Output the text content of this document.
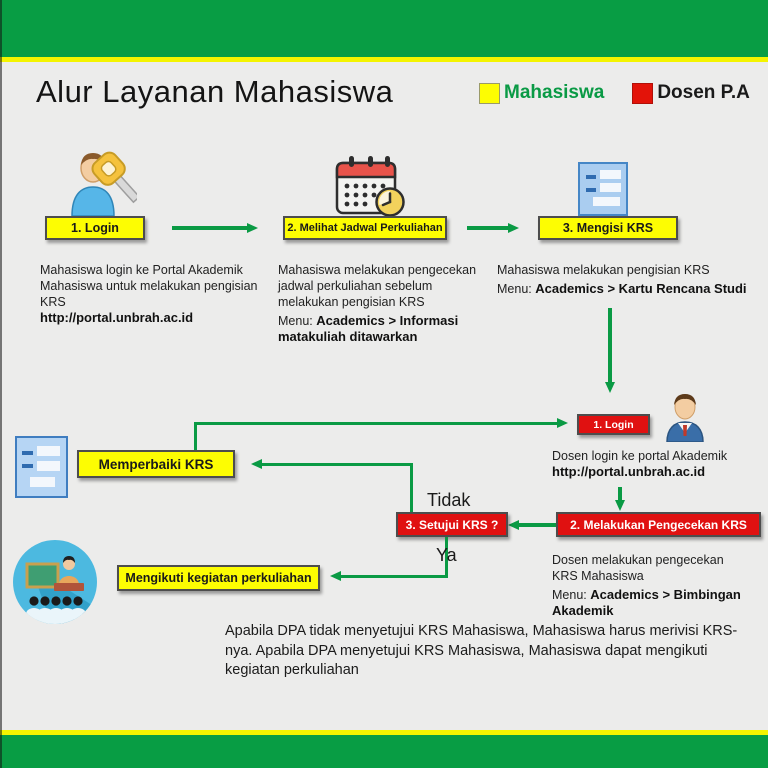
Alur Layanan Mahasiswa	Mahasiswa	Dosen P.A
1. Login	2. Melihat Jadwal Perkuliahan	3. Mengisi KRS
Mahasiswa login ke Portal Akademik Mahasiswa untuk melakukan pengisian KRS
http://portal.unbrah.ac.id
Mahasiswa melakukan pengecekan jadwal perkuliahan sebelum melakukan pengisian KRS
Menu: Academics > Informasi matakuliah ditawarkan
Mahasiswa melakukan pengisian KRS
Menu: Academics > Kartu Rencana Studi
1. Login
Dosen login ke portal Akademik
http://portal.unbrah.ac.id
2. Melakukan Pengecekan KRS
3. Setujui KRS ?
Tidak
Memperbaiki KRS
Ya
Mengikuti kegiatan perkuliahan
Dosen melakukan pengecekan KRS Mahasiswa
Menu: Academics > Bimbingan Akademik
Apabila DPA tidak menyetujui KRS Mahasiswa, Mahasiswa harus merivisi KRS-nya. Apabila DPA menyetujui KRS Mahasiswa, Mahasiswa dapat mengikuti kegiatan perkuliahan
